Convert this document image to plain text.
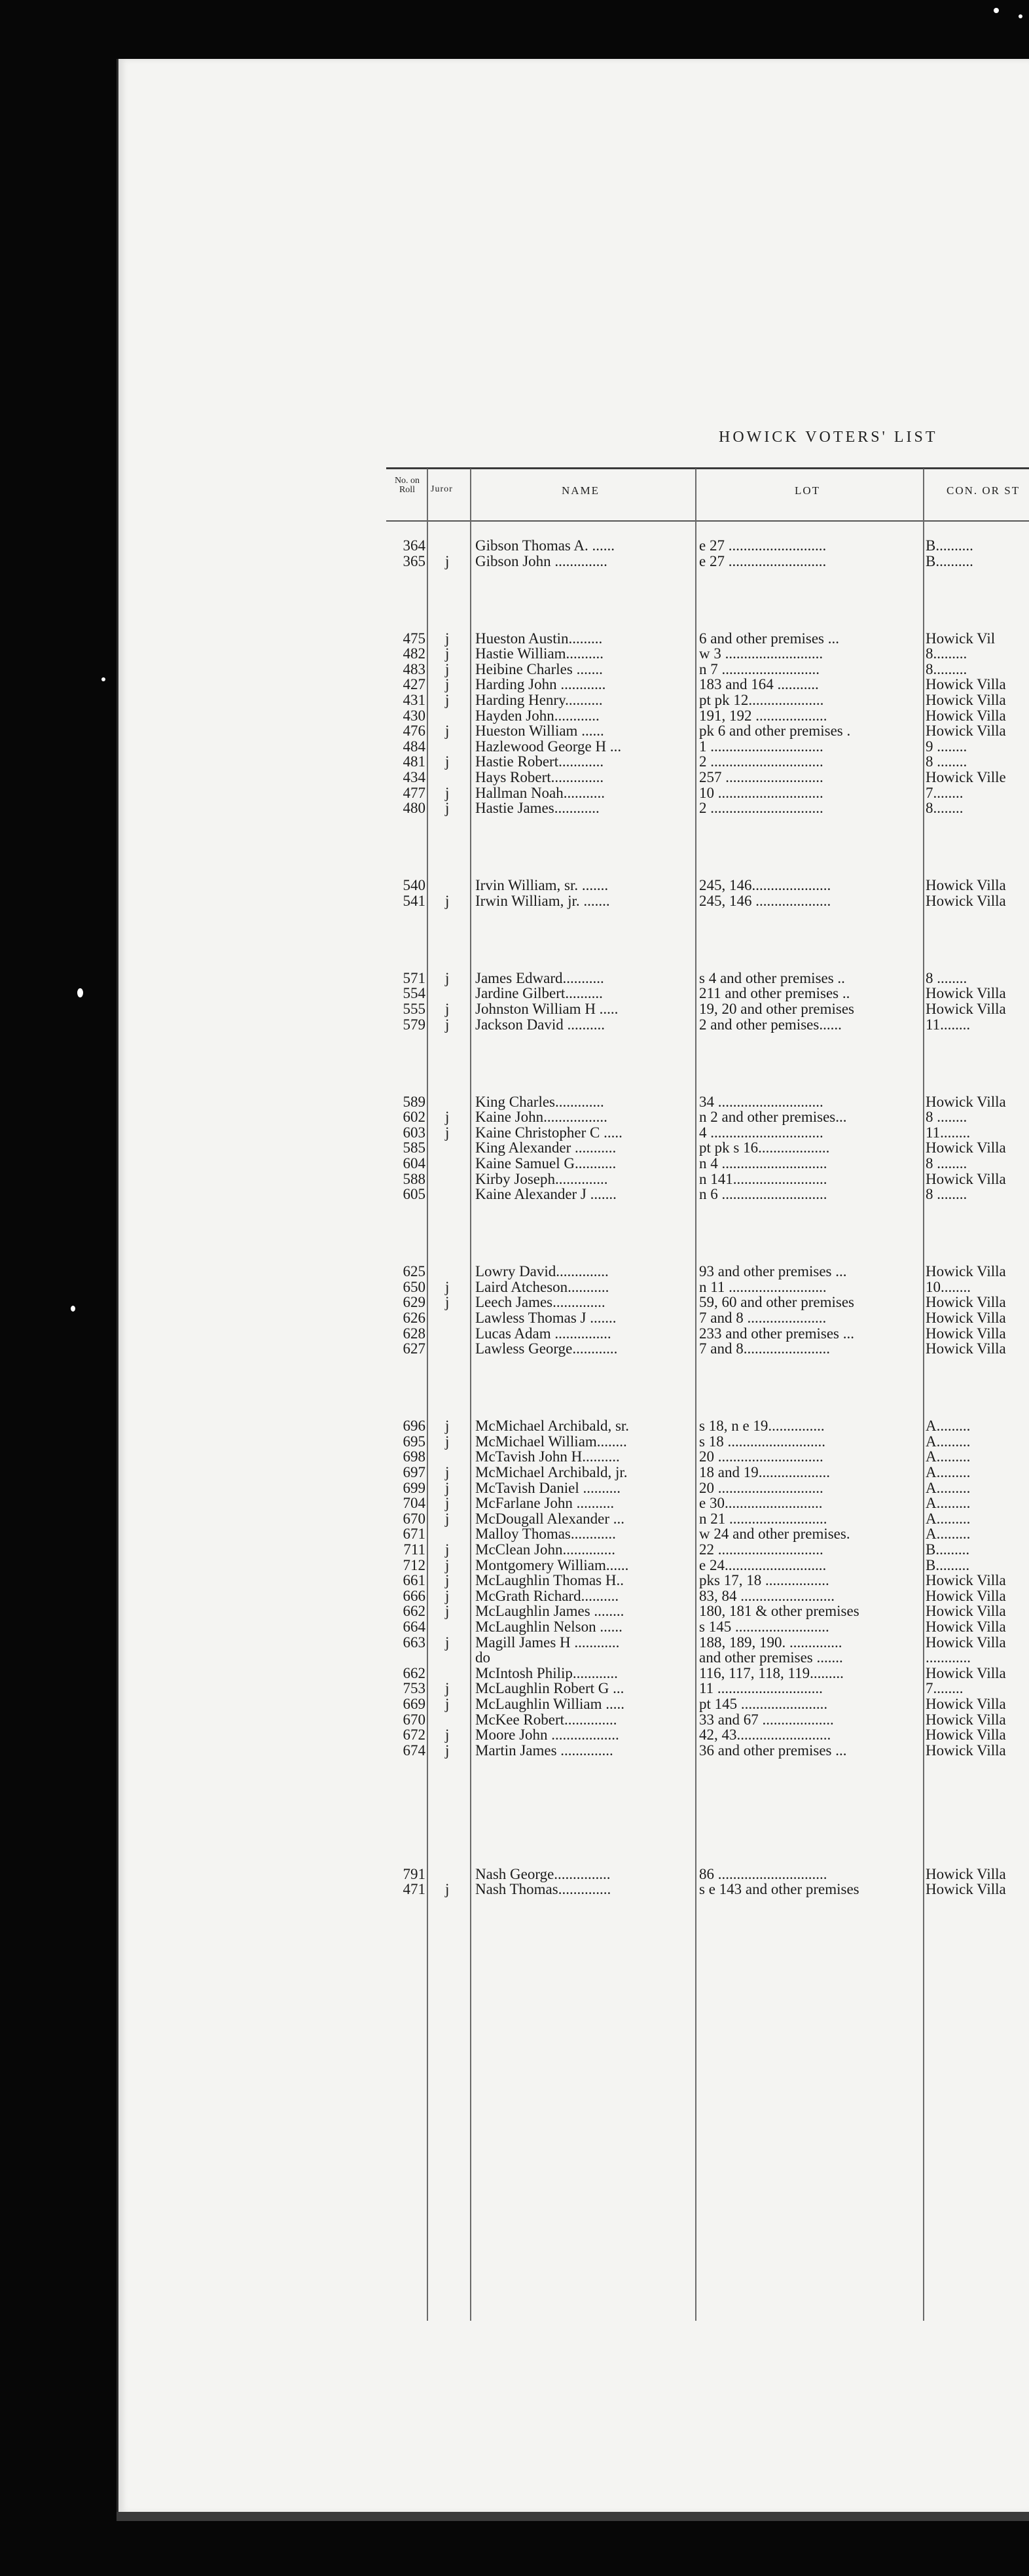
HOWICK VOTERS' LIST
No. on Roll	Juror	NAME	LOT	CON. OR ST
364	Gibson Thomas A. ......	e 27 ..........................	B..........
365 j Gibson John ..............	e 27 ..........................	B..........
475 j Hueston Austin.........	6 and other premises ...	Howick Vil
482 j Hastie William..........	w 3 ..........................	8.........
483 j Heibine Charles .......	n 7 ..........................	8.........
427 j Harding John ............	183 and 164 ...........	Howick Villa
431 j Harding Henry..........	pt pk 12....................	Howick Villa
430	Hayden John............	191, 192 ...................	Howick Villa
476 j Hueston William ......	pk 6 and other premises .	Howick Villa
484	Hazlewood George H ...	1 ..............................	9 ........
481 j Hastie Robert............	2 ..............................	8 ........
434	Hays Robert..............	257 ..........................	Howick Ville
477 j Hallman Noah...........	10 ............................	7........
480 j Hastie James............	2 ..............................	8........
540	Irvin William, sr. .......	245, 146.....................	Howick Villa
541 j Irwin William, jr. .......	245, 146 ....................	Howick Villa
571 j James Edward...........	s 4 and other premises ..	8 ........
554	Jardine Gilbert..........	211 and other premises ..	Howick Villa
555 j Johnston William H .....	19, 20 and other premises	Howick Villa
579 j Jackson David ..........	2 and other pemises......	11........
589	King Charles.............	34 ............................	Howick Villa
602 j Kaine John.................	n 2 and other premises...	8 ........
603 j Kaine Christopher C .....	4 ..............................	11........
585	King Alexander ...........	pt pk s 16...................	Howick Villa
604	Kaine Samuel G...........	n 4 ............................	8 ........
588	Kirby Joseph..............	n 141.........................	Howick Villa
605	Kaine Alexander J .......	n 6 ............................	8 ........
625	Lowry David..............	93 and other premises ...	Howick Villa
650 j Laird Atcheson...........	n 11 ..........................	10........
629 j Leech James..............	59, 60 and other premises	Howick Villa
626	Lawless Thomas J .......	7 and 8 .....................	Howick Villa
628	Lucas Adam ...............	233 and other premises ...	Howick Villa
627	Lawless George............	7 and 8.......................	Howick Villa
696 j McMichael Archibald, sr.	s 18, n e 19...............	A.........
695 j McMichael William........	s 18 ..........................	A.........
698	McTavish John H..........	20 ............................	A.........
697 j McMichael Archibald, jr.	18 and 19...................	A.........
699 j McTavish Daniel ..........	20 ............................	A.........
704 j McFarlane John ..........	e 30..........................	A.........
670 j McDougall Alexander ...	n 21 ..........................	A.........
671	Malloy Thomas............	w 24 and other premises.	A.........
711 j McClean John..............	22 ............................	B.........
712 j Montgomery William......	e 24...........................	B.........
661 j McLaughlin Thomas H..	pks 17, 18 .................	Howick Villa
666 j McGrath Richard..........	83, 84 .........................	Howick Villa
662 j McLaughlin James ........	180, 181 & other premises	Howick Villa
664	McLaughlin Nelson ......	s 145 .........................	Howick Villa
663 j Magill James H ............	188, 189, 190. ..............	Howick Villa
do	and other premises .......	............
662	McIntosh Philip............	116, 117, 118, 119.........	Howick Villa
753 j McLaughlin Robert G ...	11 ............................	7........
669 j McLaughlin William .....	pt 145 .......................	Howick Villa
670	McKee Robert..............	33 and 67 ...................	Howick Villa
672 j Moore John ..................	42, 43.........................	Howick Villa
674 j Martin James ..............	36 and other premises ...	Howick Villa
791	Nash George...............	86 .............................	Howick Villa
471 j Nash Thomas..............	s e 143 and other premises	Howick Villa
